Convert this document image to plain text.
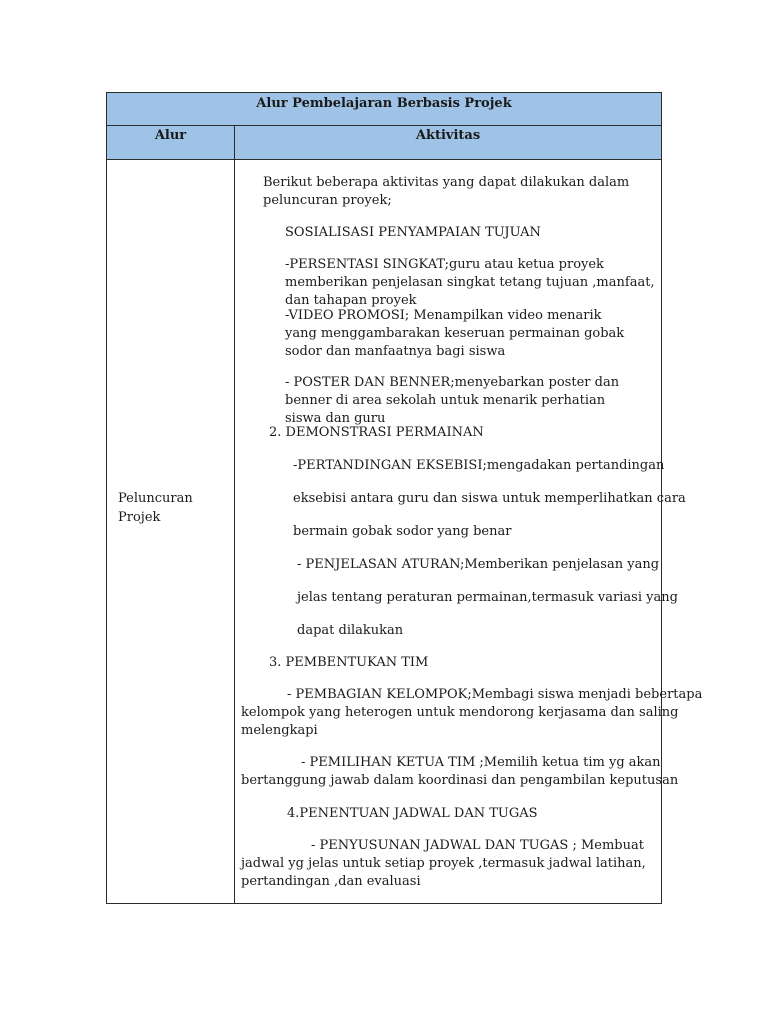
Alur Pembelajaran Berbasis Projek
Alur	Aktivitas
Peluncuran
Projek
Berikut beberapa aktivitas yang dapat dilakukan dalam peluncuran proyek;
SOSIALISASI PENYAMPAIAN TUJUAN
-PERSENTASI SINGKAT;guru atau ketua proyek memberikan penjelasan singkat tetang tujuan ,manfaat, dan tahapan proyek
-VIDEO PROMOSI; Menampilkan video menarik yang menggambarakan keseruan permainan gobak sodor dan manfaatnya bagi siswa
- POSTER DAN BENNER;menyebarkan poster dan benner di area sekolah untuk menarik perhatian siswa dan guru
2. DEMONSTRASI PERMAINAN
-PERTANDINGAN EKSEBISI;mengadakan pertandingan
eksebisi antara guru dan siswa untuk memperlihatkan cara
bermain gobak sodor yang benar
- PENJELASAN ATURAN;Memberikan penjelasan yang
jelas tentang peraturan permainan,termasuk variasi yang
dapat dilakukan
3. PEMBENTUKAN TIM
- PEMBAGIAN KELOMPOK;Membagi siswa menjadi bebertapa
kelompok yang heterogen untuk mendorong kerjasama dan saling
melengkapi
- PEMILIHAN KETUA TIM ;Memilih ketua tim yg akan
bertanggung jawab dalam koordinasi dan pengambilan keputusan
4.PENENTUAN JADWAL DAN TUGAS
- PENYUSUNAN JADWAL DAN TUGAS ; Membuat
jadwal yg jelas untuk setiap proyek ,termasuk jadwal latihan,
pertandingan ,dan evaluasi
